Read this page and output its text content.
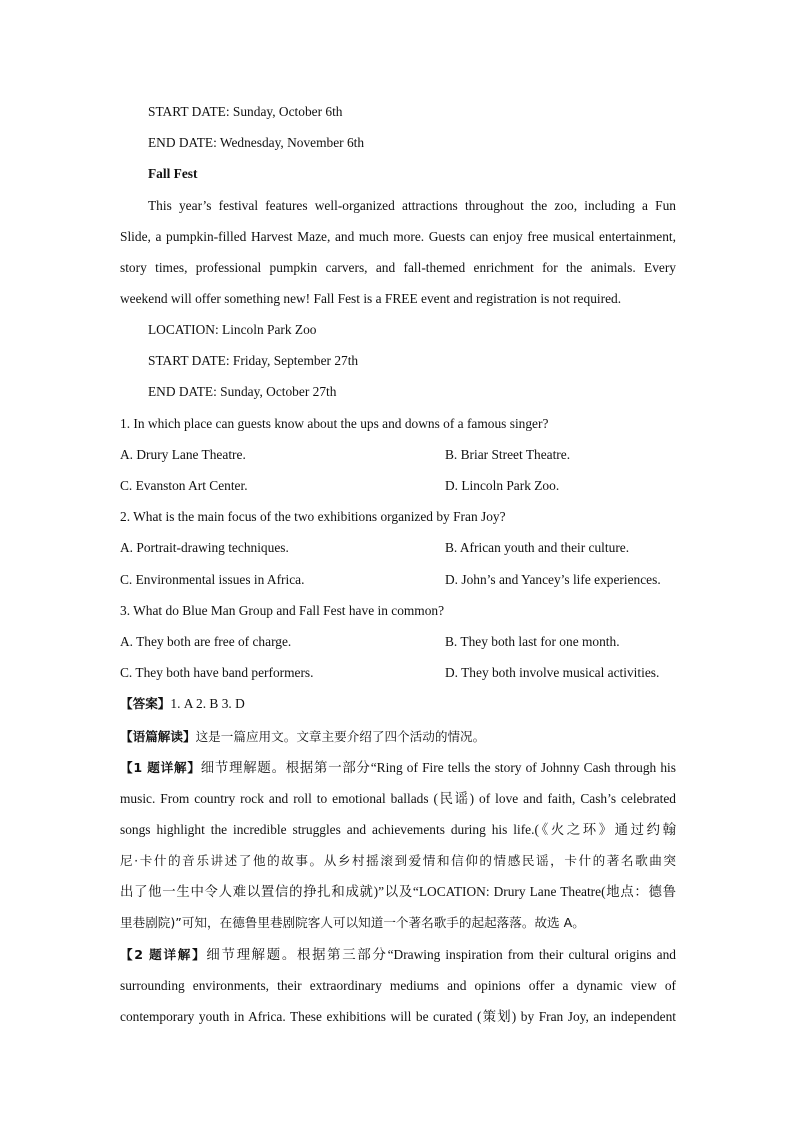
START DATE: Sunday, October 6th
END DATE: Wednesday, November 6th
Fall Fest
This year’s festival features well-organized attractions throughout the zoo, including a Fun
Slide, a pumpkin-filled Harvest Maze, and much more. Guests can enjoy free musical entertainment,
story times, professional pumpkin carvers, and fall-themed enrichment for the animals. Every
weekend will offer something new! Fall Fest is a FREE event and registration is not required.
LOCATION: Lincoln Park Zoo
START DATE: Friday, September 27th
END DATE: Sunday, October 27th
1. In which place can guests know about the ups and downs of a famous singer?
A. Drury Lane Theatre.	B. Briar Street Theatre.
C. Evanston Art Center.	D. Lincoln Park Zoo.
2. What is the main focus of the two exhibitions organized by Fran Joy?
A. Portrait-drawing techniques.	B. African youth and their culture.
C. Environmental issues in Africa.	D. John’s and Yancey’s life experiences.
3. What do Blue Man Group and Fall Fest have in common?
A. They both are free of charge.	B. They both last for one month.
C. They both have band performers.	D. They both involve musical activities.
【答案】1. A 2. B 3. D
【语篇解读】这是一篇应用文。文章主要介绍了四个活动的情况。
【1 题详解】细节理解题。根据第一部分“Ring of Fire tells the story of Johnny Cash through his
music. From country rock and roll to emotional ballads (民谣) of love and faith, Cash’s celebrated
songs highlight the incredible struggles and achievements during his life.(《火之环》通过约翰
尼·卡什的音乐讲述了他的故事。从乡村摇滚到爱情和信仰的情感民谣，卡什的著名歌曲突
出了他一生中令人难以置信的挣扎和成就)”以及“LOCATION: Drury Lane Theatre(地点：德鲁
里巷剧院)”可知，在德鲁里巷剧院客人可以知道一个著名歌手的起起落落。故选 A。
【2 题详解】细节理解题。根据第三部分“Drawing inspiration from their cultural origins and
surrounding environments, their extraordinary mediums and opinions offer a dynamic view of
contemporary youth in Africa. These exhibitions will be curated (策划) by Fran Joy, an independent
